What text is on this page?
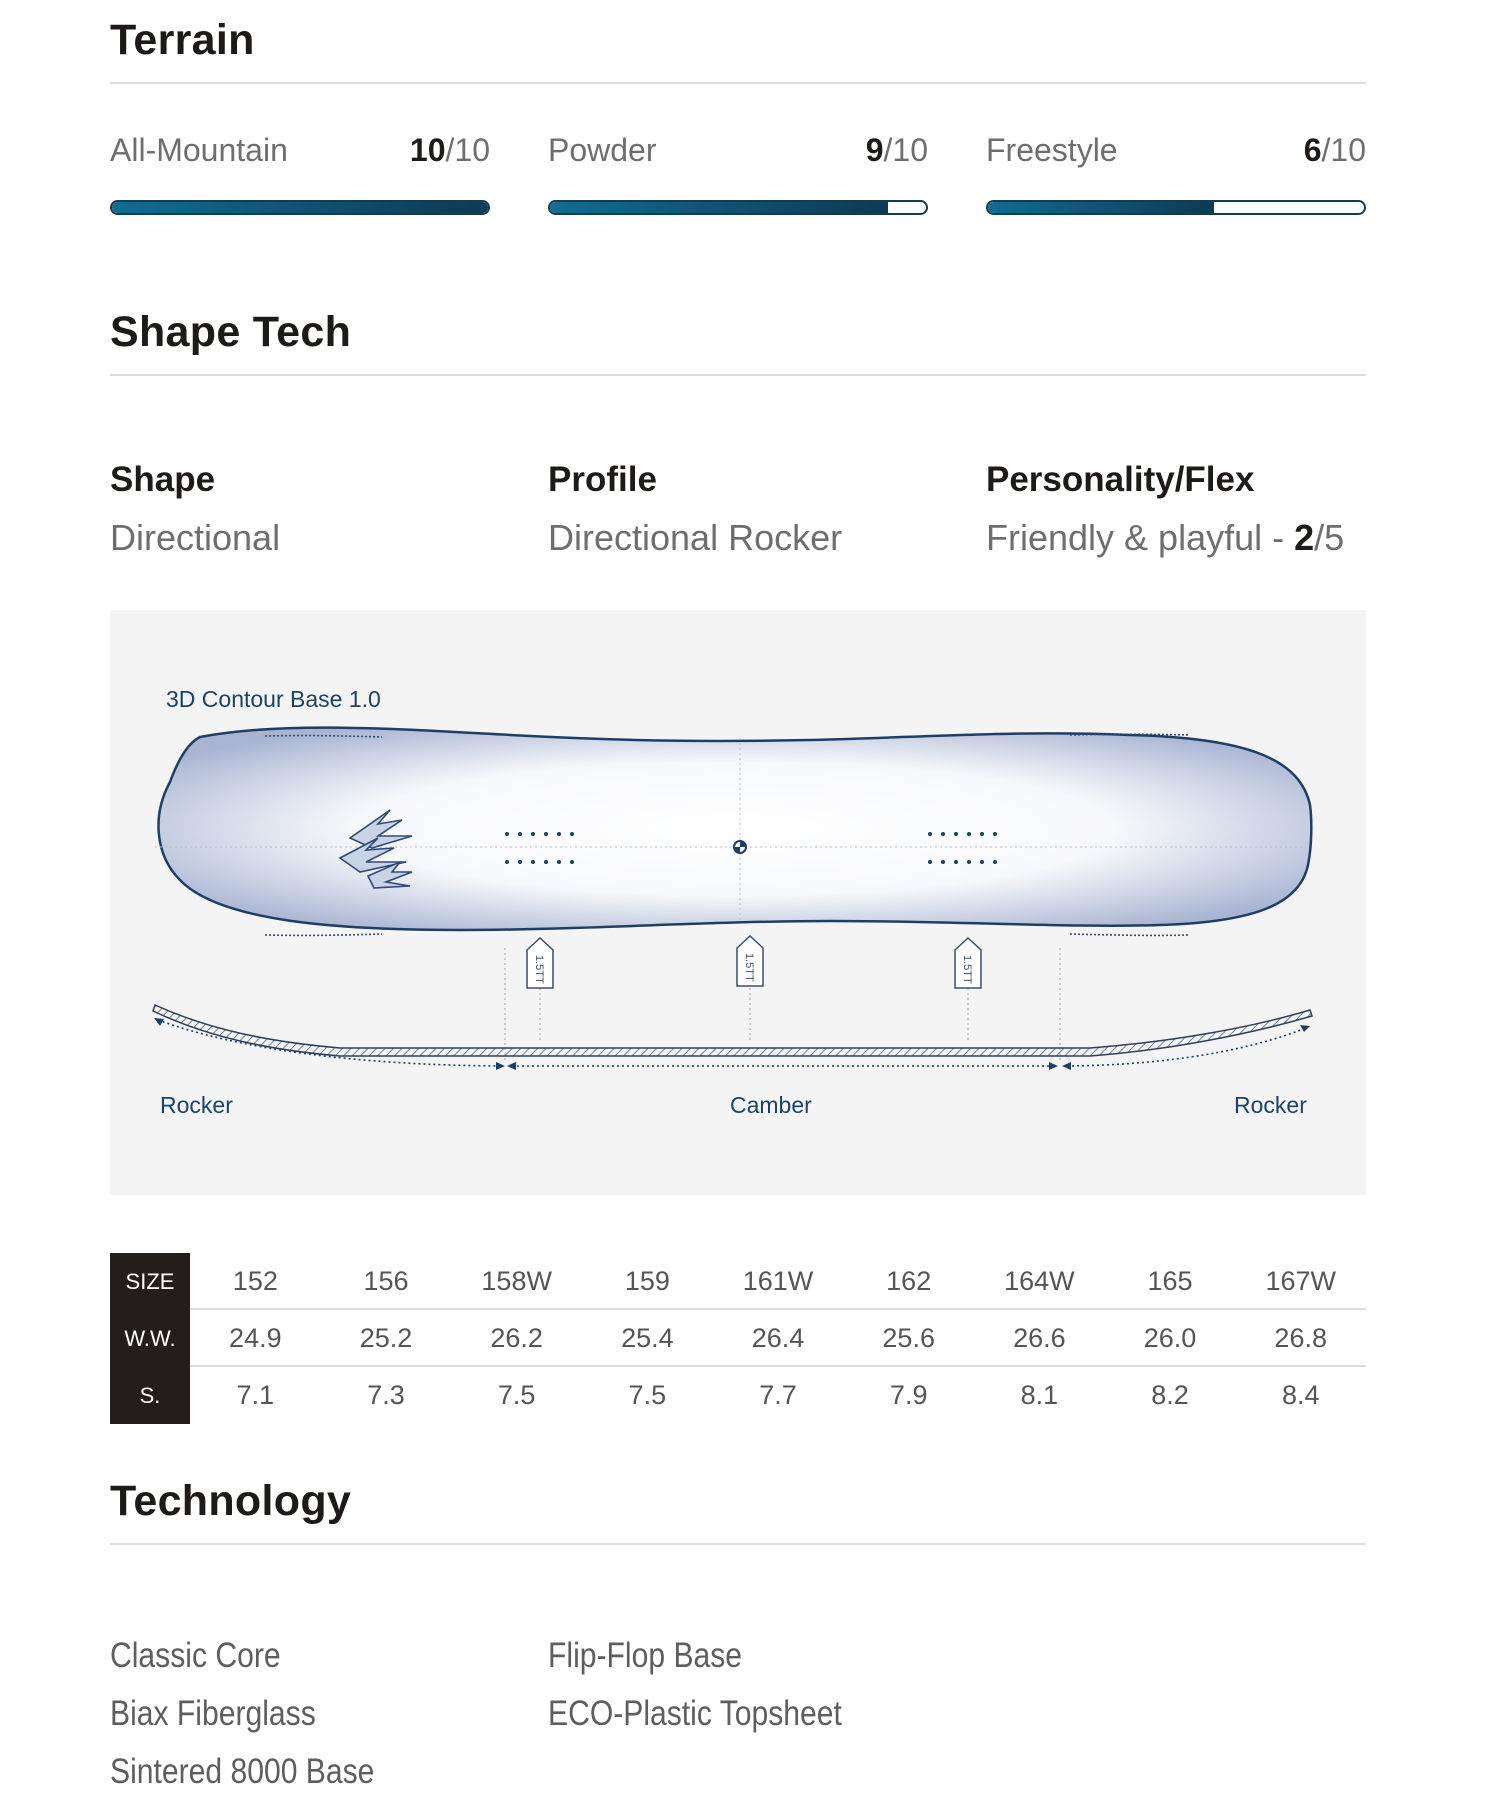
Terrain
All-Mountain	10/10 Powder	9/10 Freestyle	6/10
Shape Tech
Shape
Directional
Profile
Directional Rocker
Personality/Flex
Friendly & playful - 2/5
1.5TT	1.5TT	1.5TT
3D Contour Base 1.0
Rocker	Camber	Rocker
SIZE	152	156	158W	159	161W	162	164W	165	167W
W.W.	24.9	25.2	26.2	25.4	26.4	25.6	26.6	26.0	26.8
S.	7.1	7.3	7.5	7.5	7.7	7.9	8.1	8.2	8.4
Technology
Classic Core
Biax Fiberglass
Sintered 8000 Base
Flip-Flop Base
ECO-Plastic Topsheet
